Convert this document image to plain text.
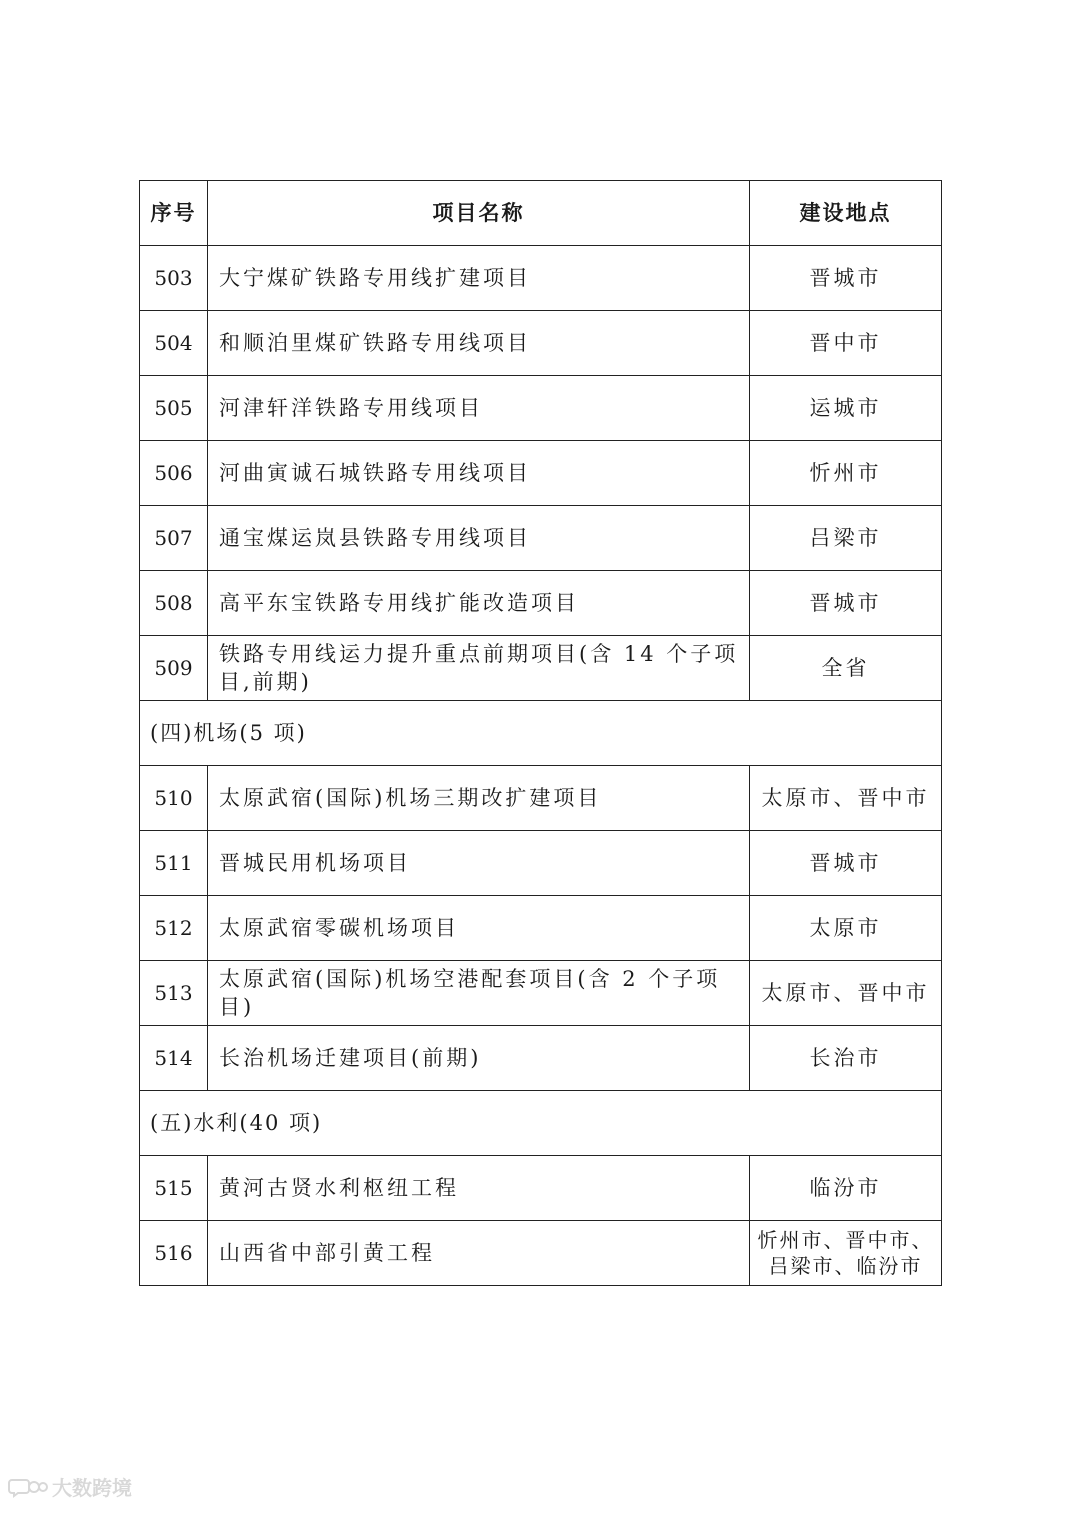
序号	项目名称	建设地点
503	大宁煤矿铁路专用线扩建项目	晋城市
504	和顺泊里煤矿铁路专用线项目	晋中市
505	河津轩洋铁路专用线项目	运城市
506	河曲寅诚石城铁路专用线项目	忻州市
507	通宝煤运岚县铁路专用线项目	吕梁市
508	高平东宝铁路专用线扩能改造项目	晋城市
509	铁路专用线运力提升重点前期项目(含 14 个子项目,前期)	全省
(四)机场(5 项)		
510	太原武宿(国际)机场三期改扩建项目	太原市、晋中市
511	晋城民用机场项目	晋城市
512	太原武宿零碳机场项目	太原市
513	太原武宿(国际)机场空港配套项目(含 2 个子项目)	太原市、晋中市
514	长治机场迁建项目(前期)	长治市
(五)水利(40 项)		
515	黄河古贤水利枢纽工程	临汾市
516	山西省中部引黄工程	忻州市、晋中市、吕梁市、临汾市
大数跨境
